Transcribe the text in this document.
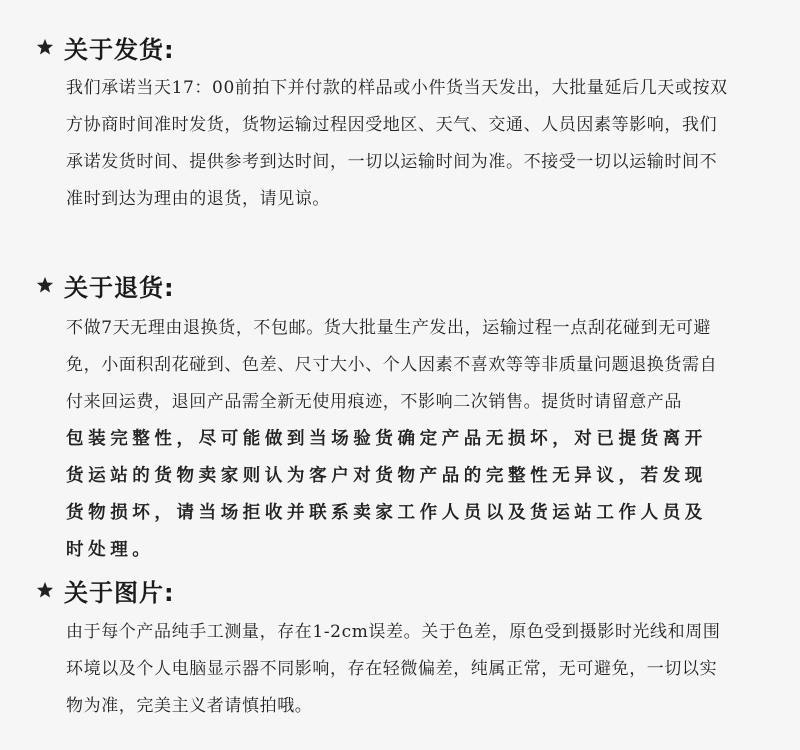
关于发货:
我们承诺当天17：00前拍下并付款的样品或小件货当天发出，大批量延后几天或按双
方协商时间准时发货，货物运输过程因受地区、天气、交通、人员因素等影响，我们
承诺发货时间、提供参考到达时间，一切以运输时间为准。不接受一切以运输时间不
准时到达为理由的退货，请见谅。
关于退货:
不做7天无理由退换货，不包邮。货大批量生产发出，运输过程一点刮花碰到无可避
免，小面积刮花碰到、色差、尺寸大小、个人因素不喜欢等等非质量问题退换货需自
付来回运费，退回产品需全新无使用痕迹，不影响二次销售。提货时请留意产品
包装完整性，尽可能做到当场验货确定产品无损坏，对已提货离开
货运站的货物卖家则认为客户对货物产品的完整性无异议，若发现
货物损坏，请当场拒收并联系卖家工作人员以及货运站工作人员及
时处理。
关于图片:
由于每个产品纯手工测量，存在1-2cm误差。关于色差，原色受到摄影时光线和周围
环境以及个人电脑显示器不同影响，存在轻微偏差，纯属正常，无可避免，一切以实
物为准，完美主义者请慎拍哦。
